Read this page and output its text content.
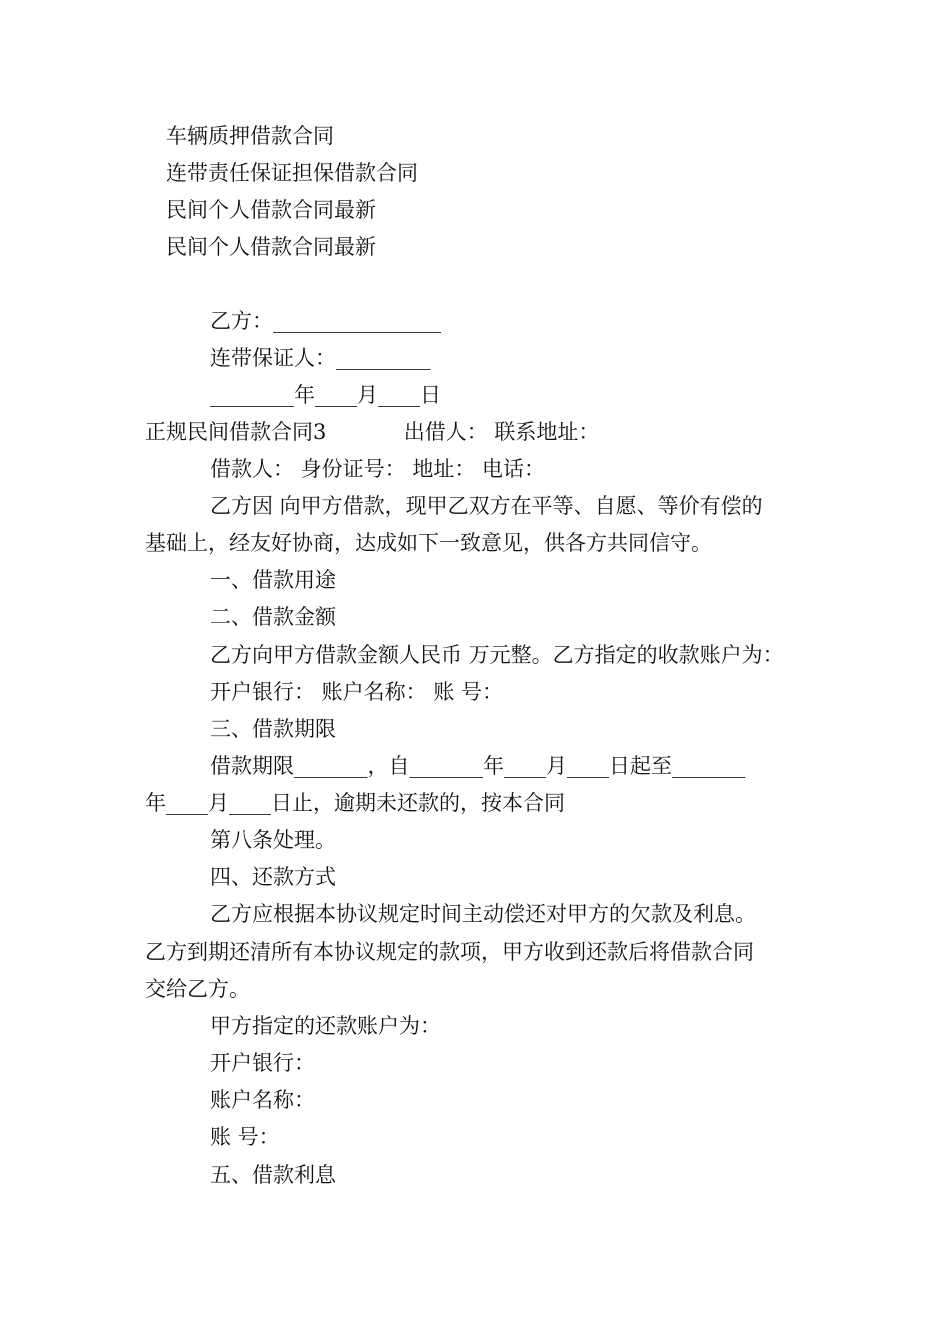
车辆质押借款合同
连带责任保证担保借款合同
民间个人借款合同最新
民间个人借款合同最新
乙方：________________
连带保证人：_________
________年____月____日
正规民间借款合同3	出借人： 联系地址：
借款人： 身份证号： 地址： 电话：
乙方因 向甲方借款，现甲乙双方在平等、自愿、等价有偿的
基础上，经友好协商，达成如下一致意见，供各方共同信守。
一、借款用途
二、借款金额
乙方向甲方借款金额人民币 万元整。乙方指定的收款账户为：
开户银行： 账户名称： 账 号：
三、借款期限
借款期限_______，自_______年____月____日起至_______
年____月____日止，逾期未还款的，按本合同
第八条处理。
四、还款方式
乙方应根据本协议规定时间主动偿还对甲方的欠款及利息。
乙方到期还清所有本协议规定的款项，甲方收到还款后将借款合同
交给乙方。
甲方指定的还款账户为：
开户银行：
账户名称：
账 号：
五、借款利息
